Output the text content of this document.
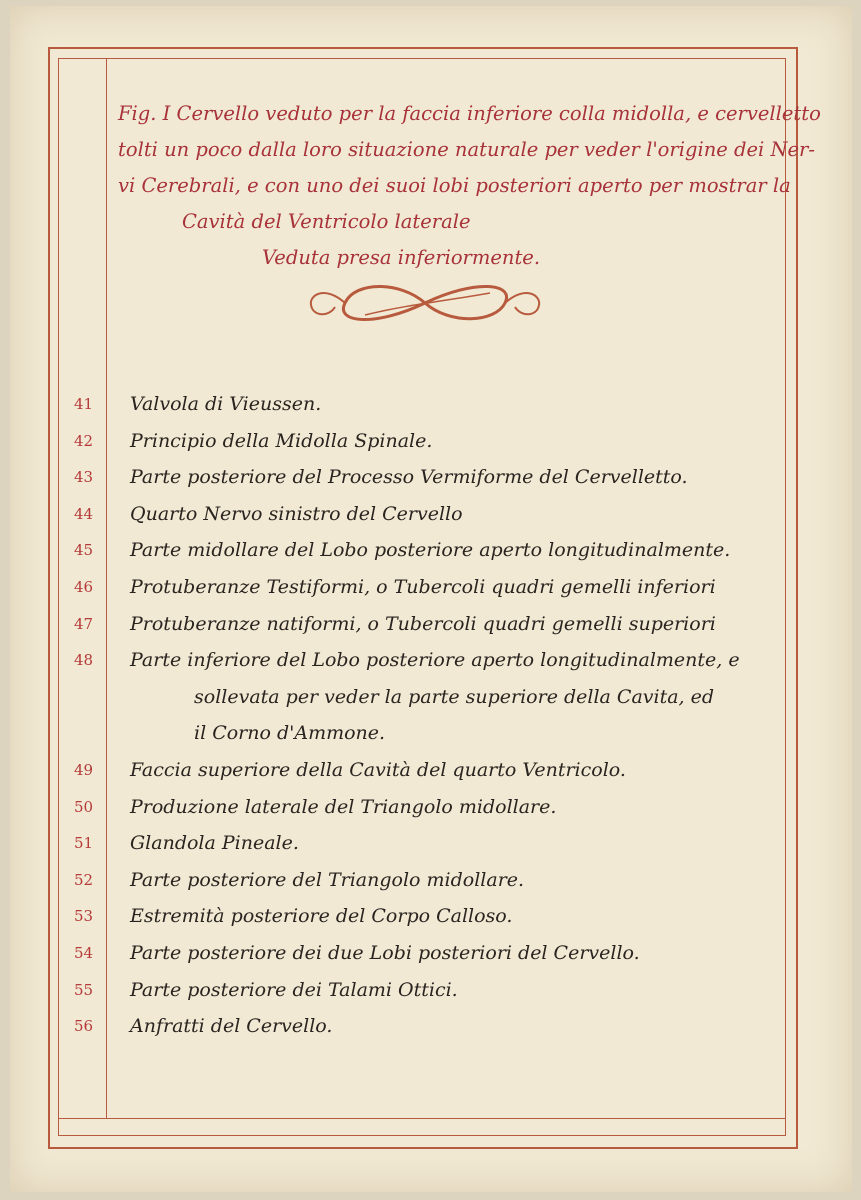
Fig. I Cervello veduto per la faccia inferiore colla midolla, e cervelletto
tolti un poco dalla loro situazione naturale per veder l'origine dei Ner-
vi Cerebrali, e con uno dei suoi lobi posteriori aperto per mostrar la
Cavità del Ventricolo laterale
Veduta presa inferiormente.
41	Valvola di Vieussen.
42	Principio della Midolla Spinale.
43	Parte posteriore del Processo Vermiforme del Cervelletto.
44	Quarto Nervo sinistro del Cervello
45	Parte midollare del Lobo posteriore aperto longitudinalmente.
46	Protuberanze Testiformi, o Tubercoli quadri gemelli inferiori
47	Protuberanze natiformi, o Tubercoli quadri gemelli superiori
48	Parte inferiore del Lobo posteriore aperto longitudinalmente, e
sollevata per veder la parte superiore della Cavita, ed
il Corno d'Ammone.
49	Faccia superiore della Cavità del quarto Ventricolo.
50	Produzione laterale del Triangolo midollare.
51	Glandola Pineale.
52	Parte posteriore del Triangolo midollare.
53	Estremità posteriore del Corpo Calloso.
54	Parte posteriore dei due Lobi posteriori del Cervello.
55	Parte posteriore dei Talami Ottici.
56	Anfratti del Cervello.
